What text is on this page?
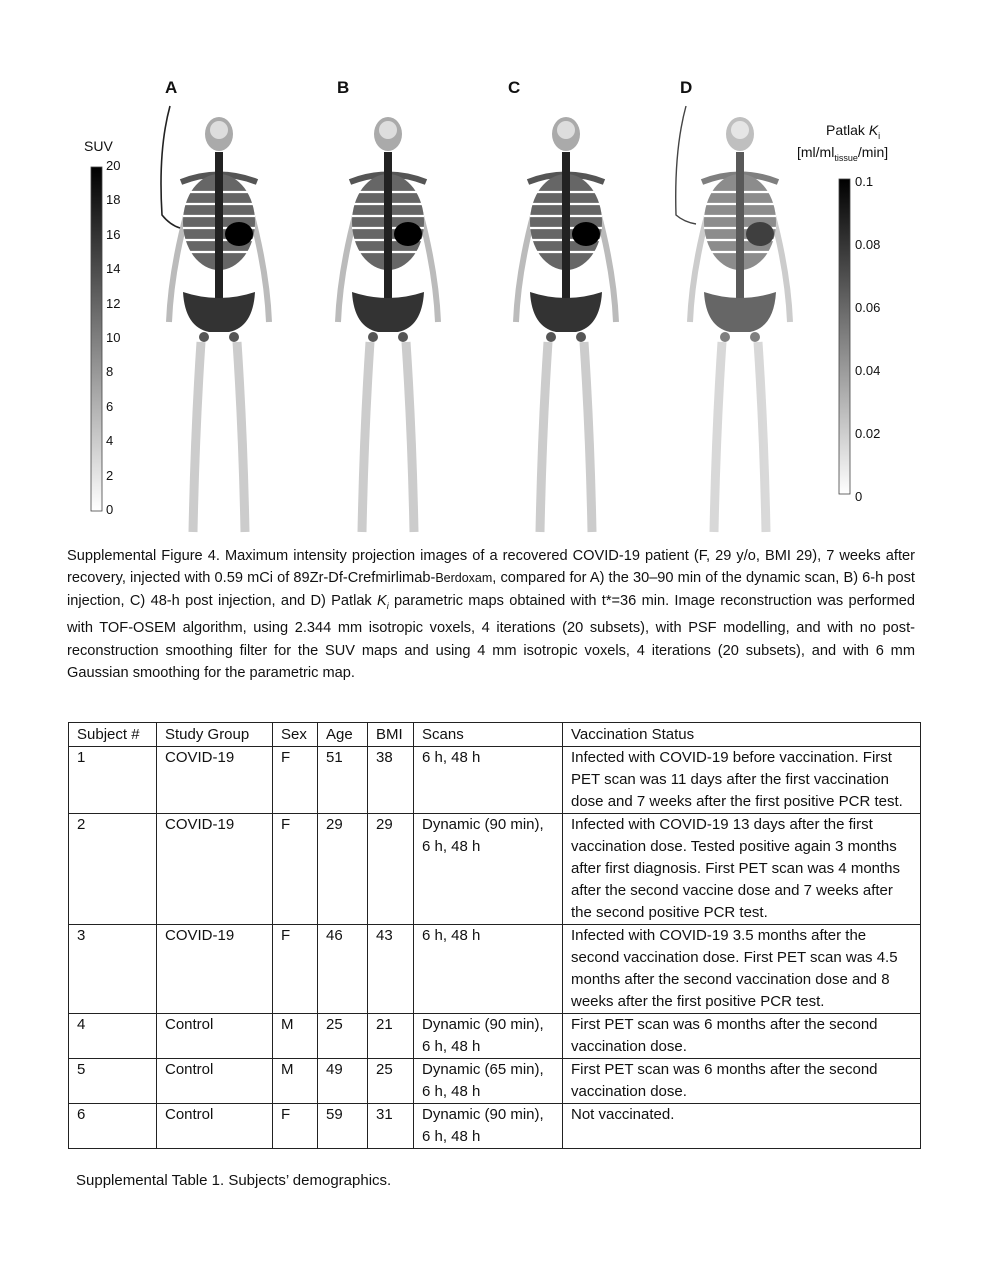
A	B	C	D
SUV
20
18
16
14
12
10
8
6
4
2
0
Patlak $K_i$
$[ml/ml_{tissue}/\min]$
0.1
0.08
0.06
0.04
0.02
0
Supplemental Figure 4. Maximum intensity projection images of a recovered COVID-19 patient (F, 29 y/o, BMI 29), 7 weeks after recovery, injected with 0.59 mCi of 89Zr-Df-Crefmirlimab-Berdoxam, compared for A) the 30–90 min of the dynamic scan, B) 6-h post injection, C) 48-h post injection, and D) Patlak $K_i$ parametric maps obtained with t*=36 min. Image reconstruction was performed with TOF-OSEM algorithm, using 2.344 mm isotropic voxels, 4 iterations (20 subsets), with PSF modelling, and with no post-reconstruction smoothing filter for the SUV maps and using 4 mm isotropic voxels, 4 iterations (20 subsets), and with 6 mm Gaussian smoothing for the parametric map.
Subject #	Study Group	Sex	Age	BMI	Scans	Vaccination Status
1	COVID-19	F	51	38	6 h, 48 h	Infected with COVID-19 before vaccination. First PET scan was 11 days after the first vaccination dose and 7 weeks after the first positive PCR test.
2	COVID-19	F	29	29	Dynamic (90 min), 6 h, 48 h	Infected with COVID-19 13 days after the first vaccination dose. Tested positive again 3 months after first diagnosis. First PET scan was 4 months after the second vaccine dose and 7 weeks after the second positive PCR test.
3	COVID-19	F	46	43	6 h, 48 h	Infected with COVID-19 3.5 months after the second vaccination dose. First PET scan was 4.5 months after the second vaccination dose and 8 weeks after the first positive PCR test.
4	Control	M	25	21	Dynamic (90 min), 6 h, 48 h	First PET scan was 6 months after the second vaccination dose.
5	Control	M	49	25	Dynamic (65 min), 6 h, 48 h	First PET scan was 6 months after the second vaccination dose.
6	Control	F	59	31	Dynamic (90 min), 6 h, 48 h	Not vaccinated.
Supplemental Table 1. Subjects’ demographics.
